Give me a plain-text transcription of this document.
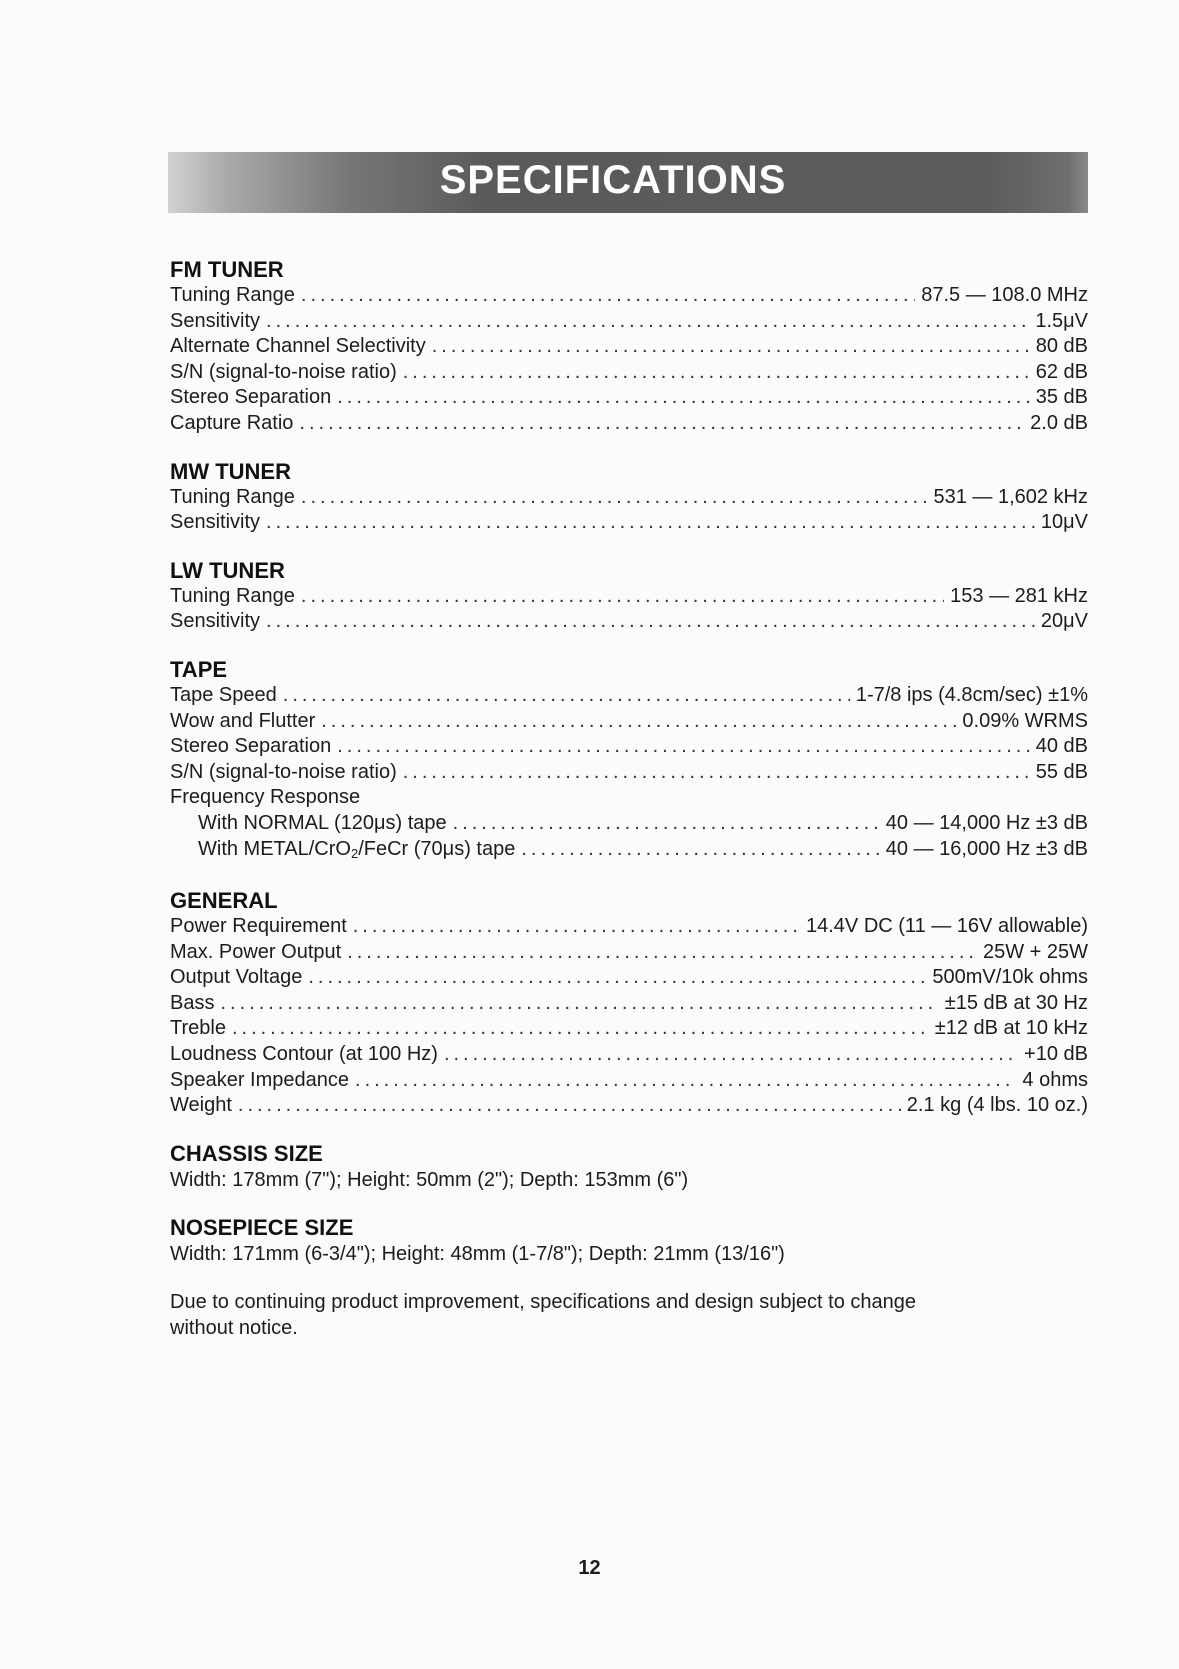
SPECIFICATIONS
FM TUNER
Tuning Range .....	87.5 — 108.0 MHz
Sensitivity .....	1.5μV
Alternate Channel Selectivity .....	80 dB
S/N (signal-to-noise ratio) .....	62 dB
Stereo Separation .....	35 dB
Capture Ratio .....	2.0 dB
MW TUNER
Tuning Range .....	531 — 1,602 kHz
Sensitivity .....	10μV
LW TUNER
Tuning Range .....	153 — 281 kHz
Sensitivity .....	20μV
TAPE
Tape Speed .....	1-7/8 ips (4.8cm/sec) ±1%
Wow and Flutter .....	0.09% WRMS
Stereo Separation .....	40 dB
S/N (signal-to-noise ratio) .....	55 dB
Frequency Response
With NORMAL (120μs) tape .....	40 — 14,000 Hz ±3 dB
With METAL/CrO$_2$/FeCr (70μs) tape .....	40 — 16,000 Hz ±3 dB
GENERAL
Power Requirement .....	14.4V DC (11 — 16V allowable)
Max. Power Output .....	25W + 25W
Output Voltage .....	500mV/10k ohms
Bass .....	±15 dB at 30 Hz
Treble .....	±12 dB at 10 kHz
Loudness Contour (at 100 Hz) .....	+10 dB
Speaker Impedance .....	4 ohms
Weight .....	2.1 kg (4 lbs. 10 oz.)
CHASSIS SIZE
Width: 178mm (7"); Height: 50mm (2"); Depth: 153mm (6")
NOSEPIECE SIZE
Width: 171mm (6-3/4"); Height: 48mm (1-7/8"); Depth: 21mm (13/16")
Due to continuing product improvement, specifications and design subject to change
without notice.
12
